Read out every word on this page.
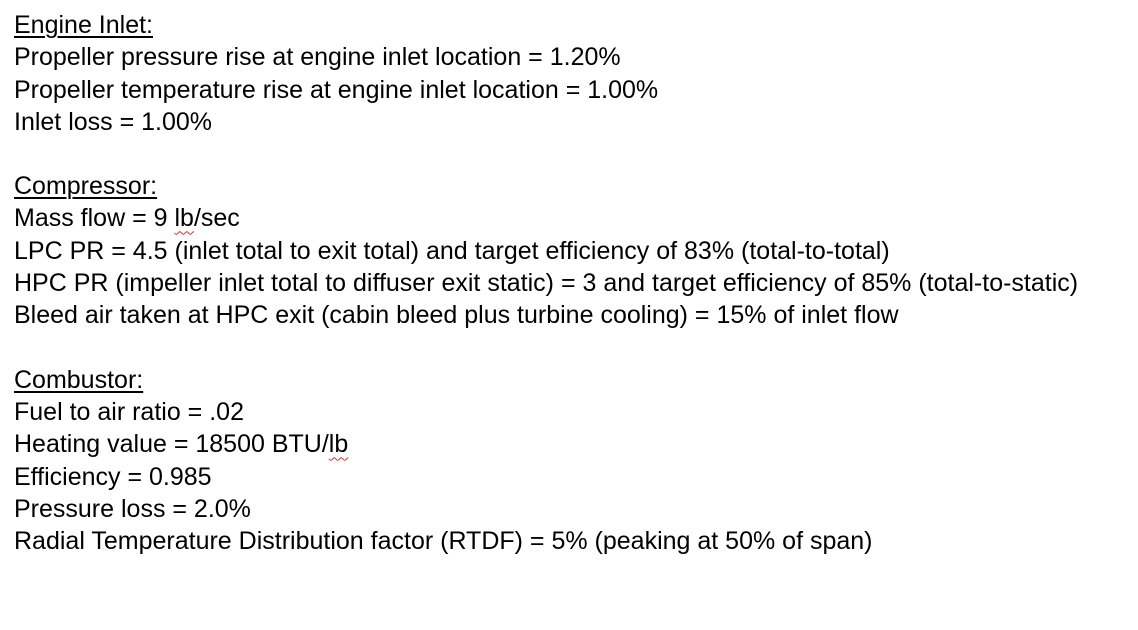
Engine Inlet:
Propeller pressure rise at engine inlet location = 1.20%
Propeller temperature rise at engine inlet location = 1.00%
Inlet loss = 1.00%
Compressor:
Mass flow = 9 lb/sec
LPC PR = 4.5 (inlet total to exit total) and target efficiency of 83% (total-to-total)
HPC PR (impeller inlet total to diffuser exit static) = 3 and target efficiency of 85% (total-to-static)
Bleed air taken at HPC exit (cabin bleed plus turbine cooling) = 15% of inlet flow
Combustor:
Fuel to air ratio = .02
Heating value = 18500 BTU/lb
Efficiency = 0.985
Pressure loss = 2.0%
Radial Temperature Distribution factor (RTDF) = 5% (peaking at 50% of span)
